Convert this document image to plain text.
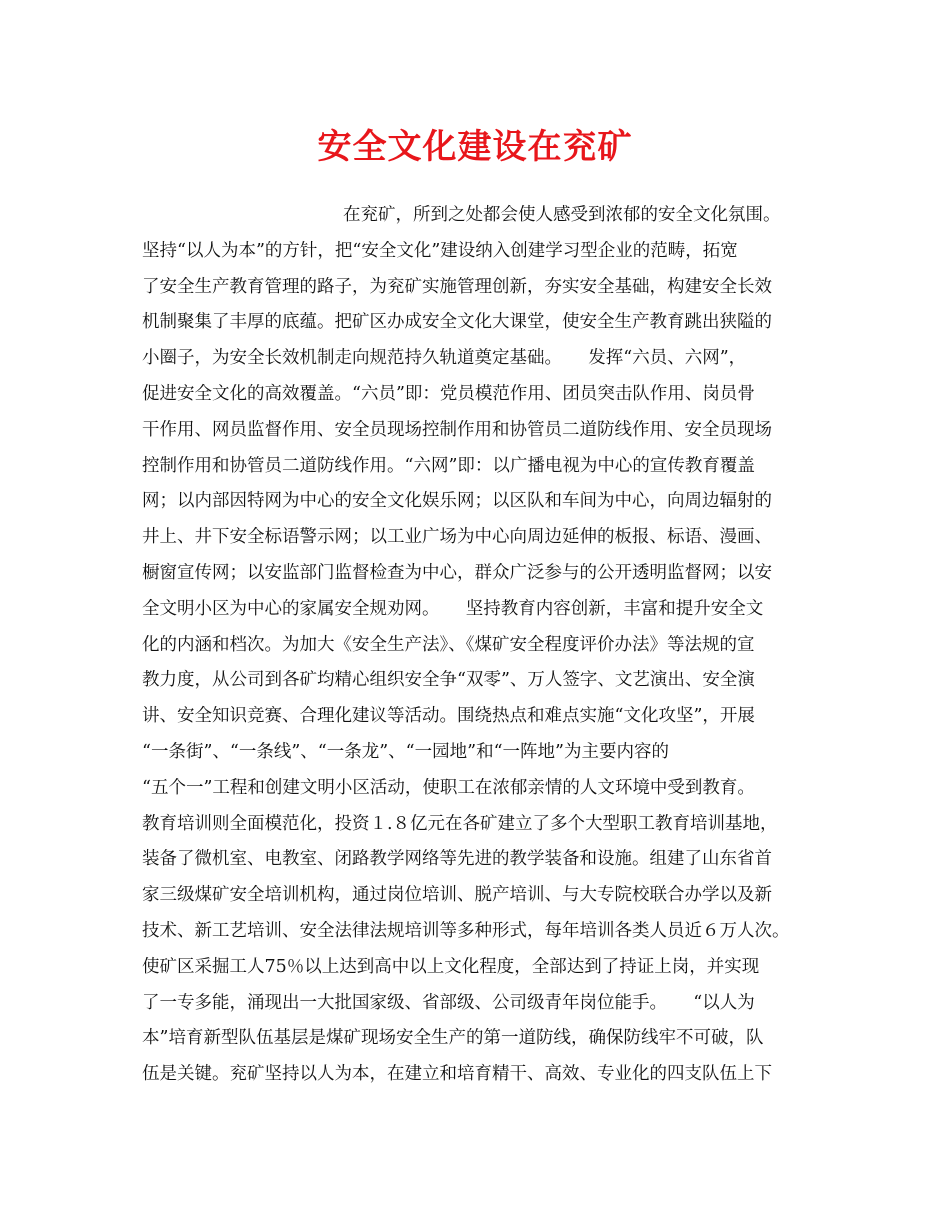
安全文化建设在兖矿
在兖矿，所到之处都会使人感受到浓郁的安全文化氛围。
坚持“以人为本”的方针，把“安全文化”建设纳入创建学习型企业的范畴，拓宽
了安全生产教育管理的路子，为兖矿实施管理创新，夯实安全基础，构建安全长效
机制聚集了丰厚的底蕴。把矿区办成安全文化大课堂，使安全生产教育跳出狭隘的
小圈子，为安全长效机制走向规范持久轨道奠定基础。　　发挥“六员、六网”，
促进安全文化的高效覆盖。“六员”即：党员模范作用、团员突击队作用、岗员骨
干作用、网员监督作用、安全员现场控制作用和协管员二道防线作用、安全员现场
控制作用和协管员二道防线作用。“六网”即：以广播电视为中心的宣传教育覆盖
网；以内部因特网为中心的安全文化娱乐网；以区队和车间为中心，向周边辐射的
井上、井下安全标语警示网；以工业广场为中心向周边延伸的板报、标语、漫画、
橱窗宣传网；以安监部门监督检查为中心，群众广泛参与的公开透明监督网；以安
全文明小区为中心的家属安全规劝网。　　坚持教育内容创新，丰富和提升安全文
化的内涵和档次。为加大《安全生产法》、《煤矿安全程度评价办法》等法规的宣
教力度，从公司到各矿均精心组织安全争“双零”、万人签字、文艺演出、安全演
讲、安全知识竞赛、合理化建议等活动。围绕热点和难点实施“文化攻坚”，开展
“一条街”、“一条线”、“一条龙”、“一园地”和“一阵地”为主要内容的
“五个一”工程和创建文明小区活动，使职工在浓郁亲情的人文环境中受到教育。
教育培训则全面模范化，投资１.８亿元在各矿建立了多个大型职工教育培训基地，
装备了微机室、电教室、闭路教学网络等先进的教学装备和设施。组建了山东省首
家三级煤矿安全培训机构，通过岗位培训、脱产培训、与大专院校联合办学以及新
技术、新工艺培训、安全法律法规培训等多种形式，每年培训各类人员近６万人次。
使矿区采掘工人75％以上达到高中以上文化程度，全部达到了持证上岗，并实现
了一专多能，涌现出一大批国家级、省部级、公司级青年岗位能手。　　“以人为
本”培育新型队伍基层是煤矿现场安全生产的第一道防线，确保防线牢不可破，队
伍是关键。兖矿坚持以人为本，在建立和培育精干、高效、专业化的四支队伍上下
